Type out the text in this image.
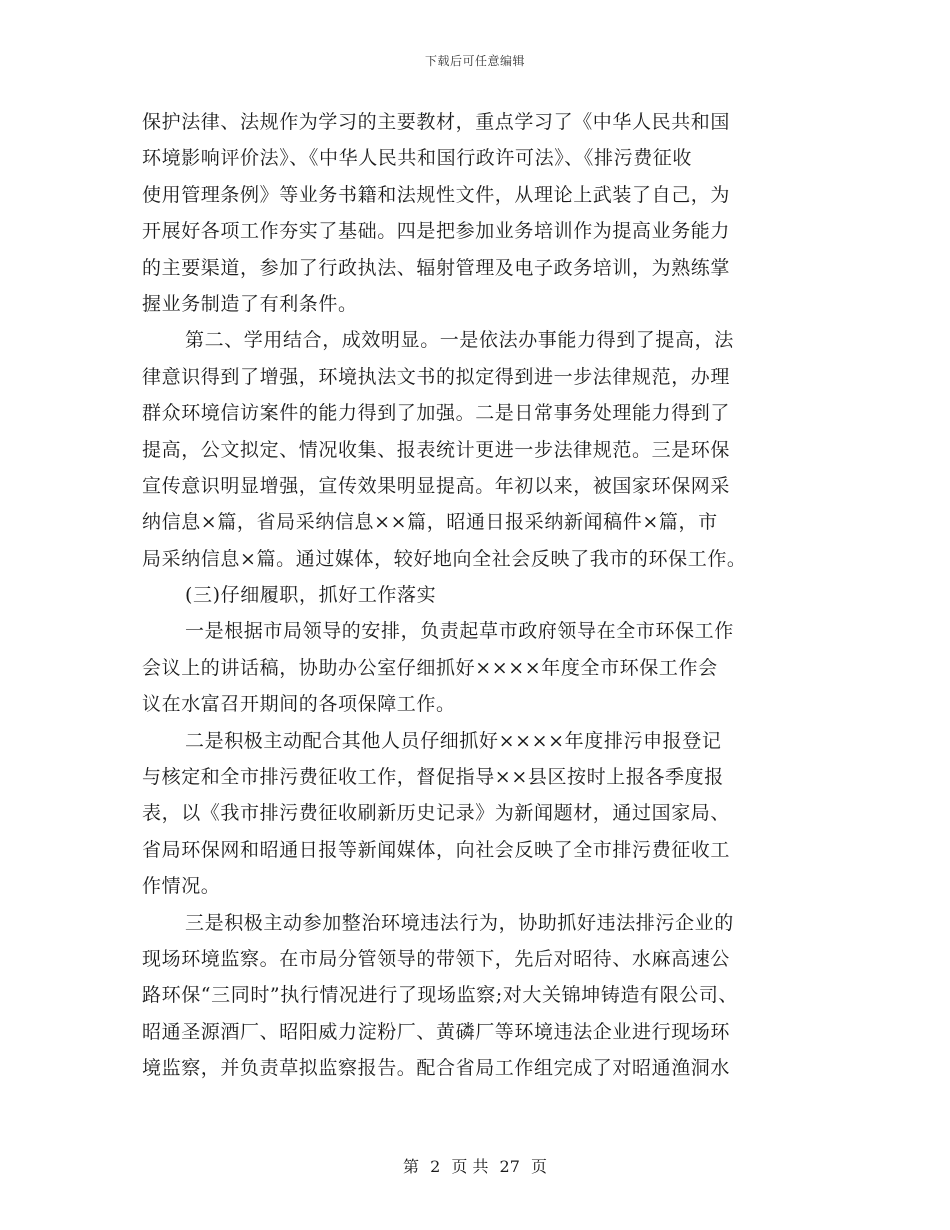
下载后可任意编辑
保护法律、法规作为学习的主要教材，重点学习了《中华人民共和国
环境影响评价法》、《中华人民共和国行政许可法》、《排污费征收
使用管理条例》等业务书籍和法规性文件，从理论上武装了自己，为
开展好各项工作夯实了基础。四是把参加业务培训作为提高业务能力
的主要渠道，参加了行政执法、辐射管理及电子政务培训，为熟练掌
握业务制造了有利条件。
第二、学用结合，成效明显。一是依法办事能力得到了提高，法
律意识得到了增强，环境执法文书的拟定得到进一步法律规范，办理
群众环境信访案件的能力得到了加强。二是日常事务处理能力得到了
提高，公文拟定、情况收集、报表统计更进一步法律规范。三是环保
宣传意识明显增强，宣传效果明显提高。年初以来，被国家环保网采
纳信息×篇，省局采纳信息××篇，昭通日报采纳新闻稿件×篇，市
局采纳信息×篇。通过媒体，较好地向全社会反映了我市的环保工作。
(三)仔细履职，抓好工作落实
一是根据市局领导的安排，负责起草市政府领导在全市环保工作
会议上的讲话稿，协助办公室仔细抓好××××年度全市环保工作会
议在水富召开期间的各项保障工作。
二是积极主动配合其他人员仔细抓好××××年度排污申报登记
与核定和全市排污费征收工作，督促指导××县区按时上报各季度报
表，以《我市排污费征收刷新历史记录》为新闻题材，通过国家局、
省局环保网和昭通日报等新闻媒体，向社会反映了全市排污费征收工
作情况。
三是积极主动参加整治环境违法行为，协助抓好违法排污企业的
现场环境监察。在市局分管领导的带领下，先后对昭待、水麻高速公
路环保“三同时”执行情况进行了现场监察;对大关锦坤铸造有限公司、
昭通圣源酒厂、昭阳威力淀粉厂、黄磷厂等环境违法企业进行现场环
境监察，并负责草拟监察报告。配合省局工作组完成了对昭通渔洞水
第 2 页 共 27 页
